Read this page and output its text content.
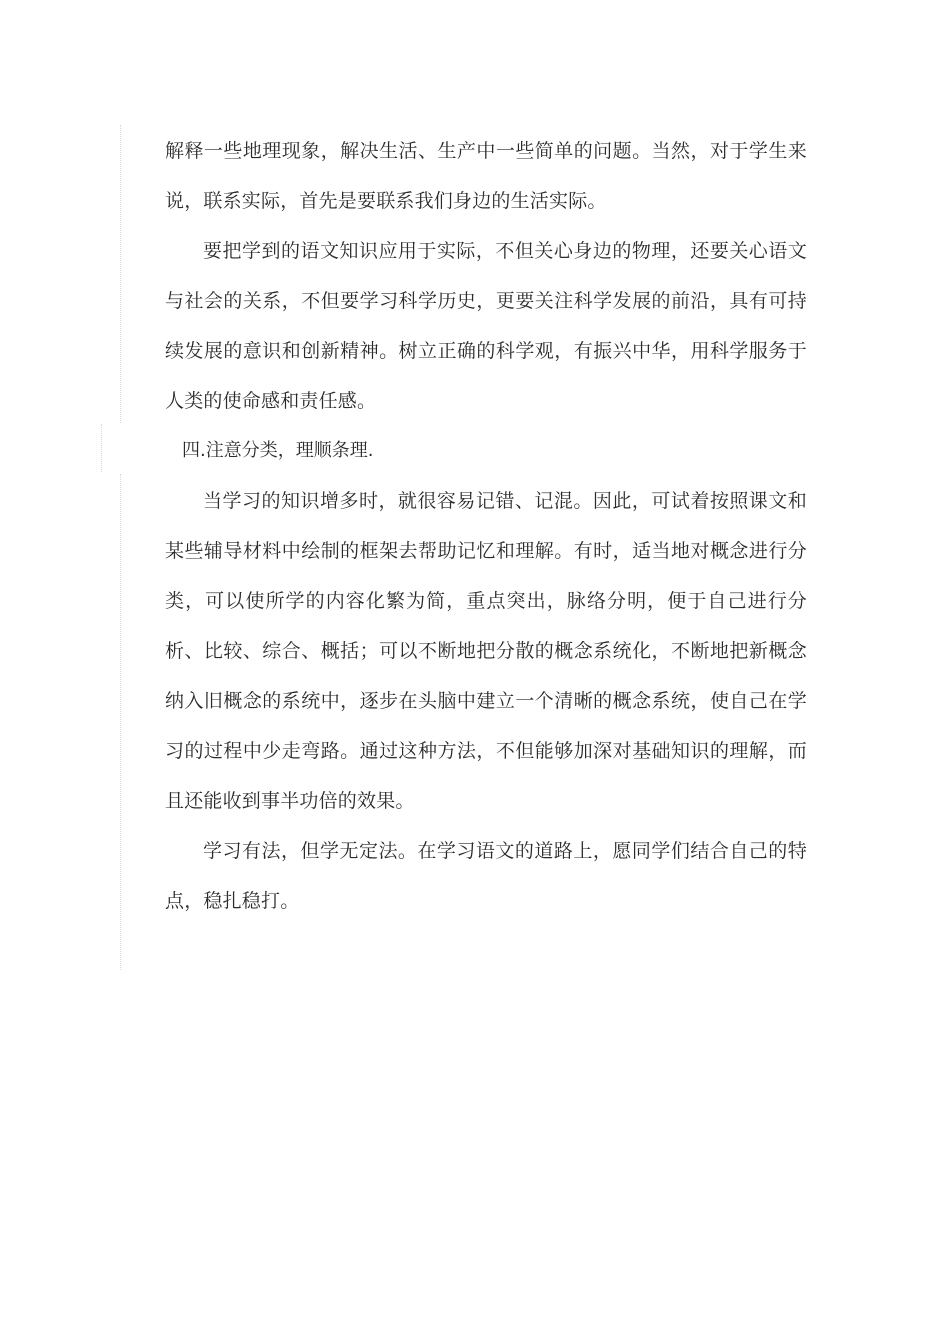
解释一些地理现象，解决生活、生产中一些简单的问题。当然，对于学生来说，联系实际，首先是要联系我们身边的生活实际。

要把学到的语文知识应用于实际，不但关心身边的物理，还要关心语文与社会的关系，不但要学习科学历史，更要关注科学发展的前沿，具有可持续发展的意识和创新精神。树立正确的科学观，有振兴中华，用科学服务于人类的使命感和责任感。

四.注意分类，理顺条理.

当学习的知识增多时，就很容易记错、记混。因此，可试着按照课文和某些辅导材料中绘制的框架去帮助记忆和理解。有时，适当地对概念进行分类，可以使所学的内容化繁为简，重点突出，脉络分明，便于自己进行分析、比较、综合、概括；可以不断地把分散的概念系统化，不断地把新概念纳入旧概念的系统中，逐步在头脑中建立一个清晰的概念系统，使自己在学习的过程中少走弯路。通过这种方法，不但能够加深对基础知识的理解，而且还能收到事半功倍的效果。

学习有法，但学无定法。在学习语文的道路上，愿同学们结合自己的特点，稳扎稳打。
